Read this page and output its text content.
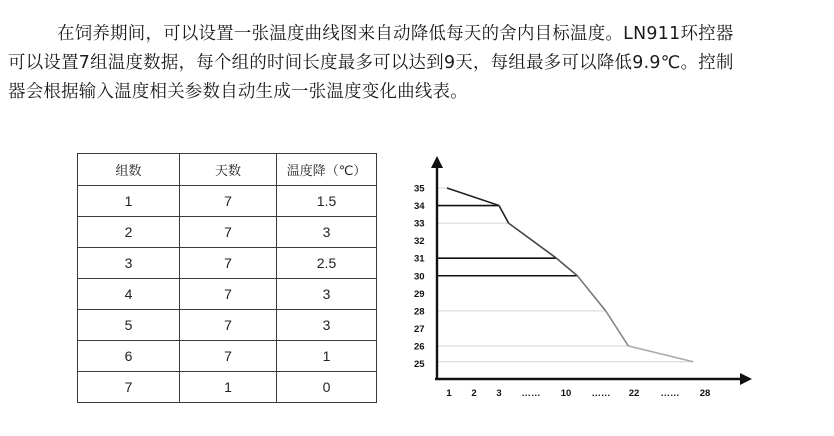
在饲养期间，可以设置一张温度曲线图来自动降低每天的舍内目标温度。LN911环控器
可以设置7组温度数据，每个组的时间长度最多可以达到9天，每组最多可以降低9.9℃。控制
器会根据输入温度相关参数自动生成一张温度变化曲线表。
组数	天数	温度降（℃）
1	7	1.5
2	7	3
3	7	2.5
4	7	3
5	7	3
6	7	1
7	1	0
25
26
27
28
29
30
31
32
33
34
35
1 2 3 …… 10 …… 22 …… 28
